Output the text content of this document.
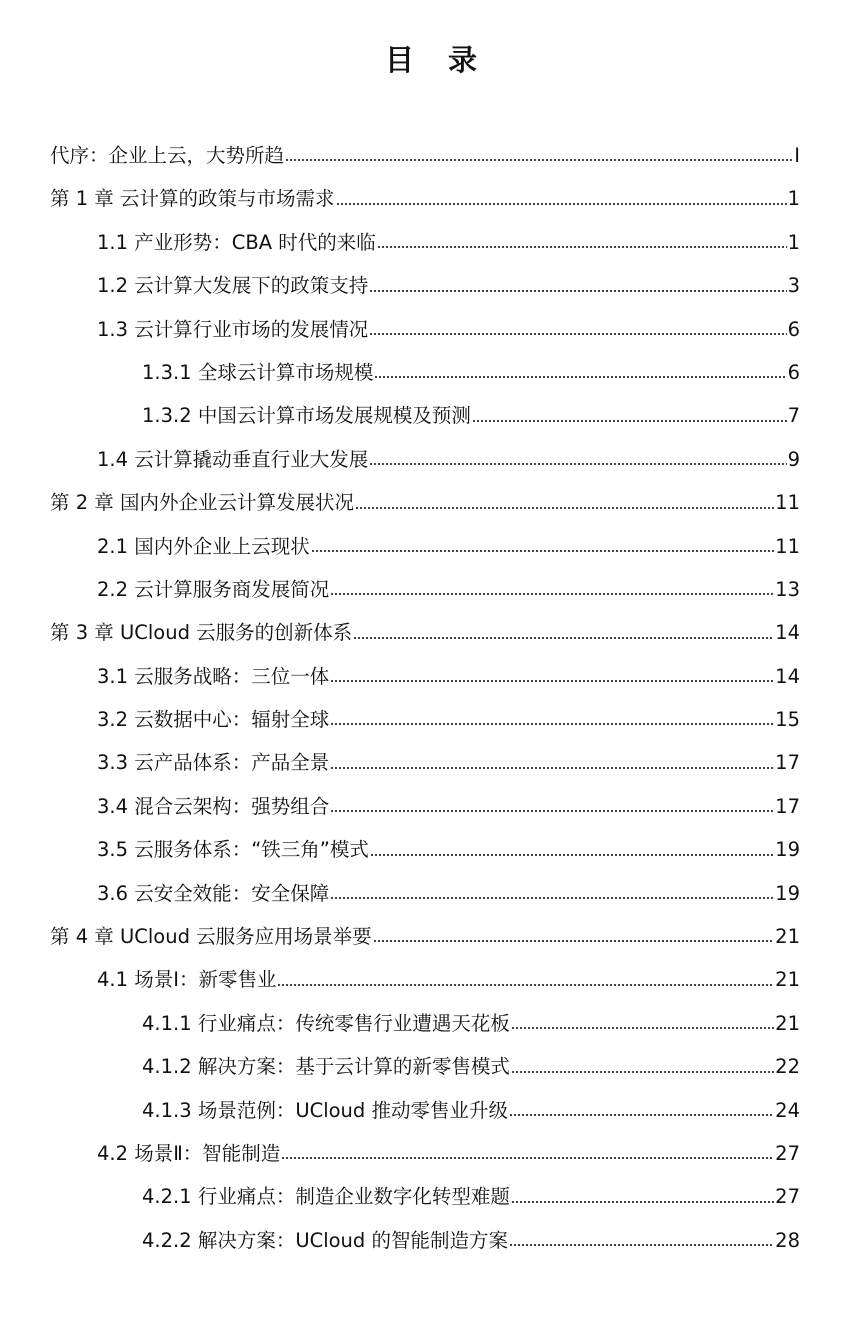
目 录
代序：企业上云，大势所趋	I
第 1 章 云计算的政策与市场需求	1
1.1 产业形势：CBA 时代的来临	1
1.2 云计算大发展下的政策支持	3
1.3 云计算行业市场的发展情况	6
1.3.1 全球云计算市场规模	6
1.3.2 中国云计算市场发展规模及预测	7
1.4 云计算撬动垂直行业大发展	9
第 2 章 国内外企业云计算发展状况	11
2.1 国内外企业上云现状	11
2.2 云计算服务商发展简况	13
第 3 章 UCloud 云服务的创新体系	14
3.1 云服务战略：三位一体	14
3.2 云数据中心：辐射全球	15
3.3 云产品体系：产品全景	17
3.4 混合云架构：强势组合	17
3.5 云服务体系：“铁三角”模式	19
3.6 云安全效能：安全保障	19
第 4 章 UCloud 云服务应用场景举要	21
4.1 场景Ⅰ：新零售业	21
4.1.1 行业痛点：传统零售行业遭遇天花板	21
4.1.2 解决方案：基于云计算的新零售模式	22
4.1.3 场景范例：UCloud 推动零售业升级	24
4.2 场景Ⅱ：智能制造	27
4.2.1 行业痛点：制造企业数字化转型难题	27
4.2.2 解决方案：UCloud 的智能制造方案	28
